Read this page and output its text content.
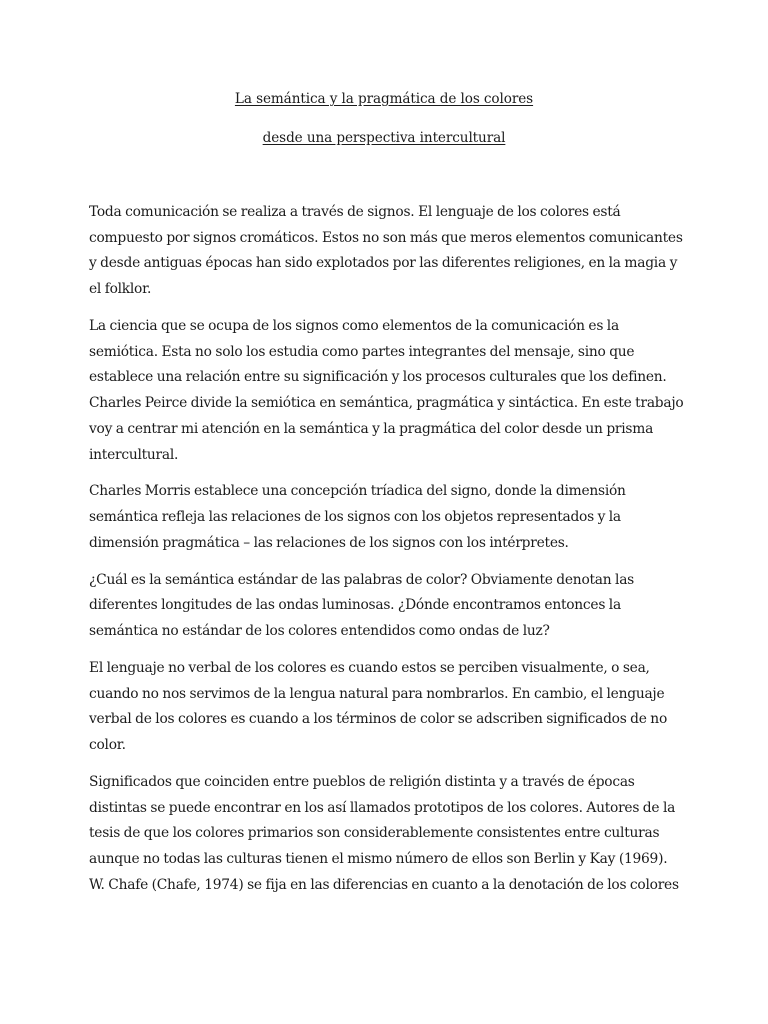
La semántica y la pragmática de los colores
desde una perspectiva intercultural

Toda comunicación se realiza a través de signos. El lenguaje de los colores está
compuesto por signos cromáticos. Estos no son más que meros elementos comunicantes
y desde antiguas épocas han sido explotados por las diferentes religiones, en la magia y
el folklor.

La ciencia que se ocupa de los signos como elementos de la comunicación es la
semiótica. Esta no solo los estudia como partes integrantes del mensaje, sino que
establece una relación entre su significación y los procesos culturales que los definen.
Charles Peirce divide la semiótica en semántica, pragmática y sintáctica. En este trabajo
voy a centrar mi atención en la semántica y la pragmática del color desde un prisma
intercultural.

Charles Morris establece una concepción tríadica del signo, donde la dimensión
semántica refleja las relaciones de los signos con los objetos representados y la
dimensión pragmática – las relaciones de los signos con los intérpretes.

¿Cuál es la semántica estándar de las palabras de color? Obviamente denotan las
diferentes longitudes de las ondas luminosas. ¿Dónde encontramos entonces la
semántica no estándar de los colores entendidos como ondas de luz?

El lenguaje no verbal de los colores es cuando estos se perciben visualmente, o sea,
cuando no nos servimos de la lengua natural para nombrarlos. En cambio, el lenguaje
verbal de los colores es cuando a los términos de color se adscriben significados de no
color.

Significados que coinciden entre pueblos de religión distinta y a través de épocas
distintas se puede encontrar en los así llamados prototipos de los colores. Autores de la
tesis de que los colores primarios son considerablemente consistentes entre culturas
aunque no todas las culturas tienen el mismo número de ellos son Berlin y Kay (1969).
W. Chafe (Chafe, 1974) se fija en las diferencias en cuanto a la denotación de los colores
